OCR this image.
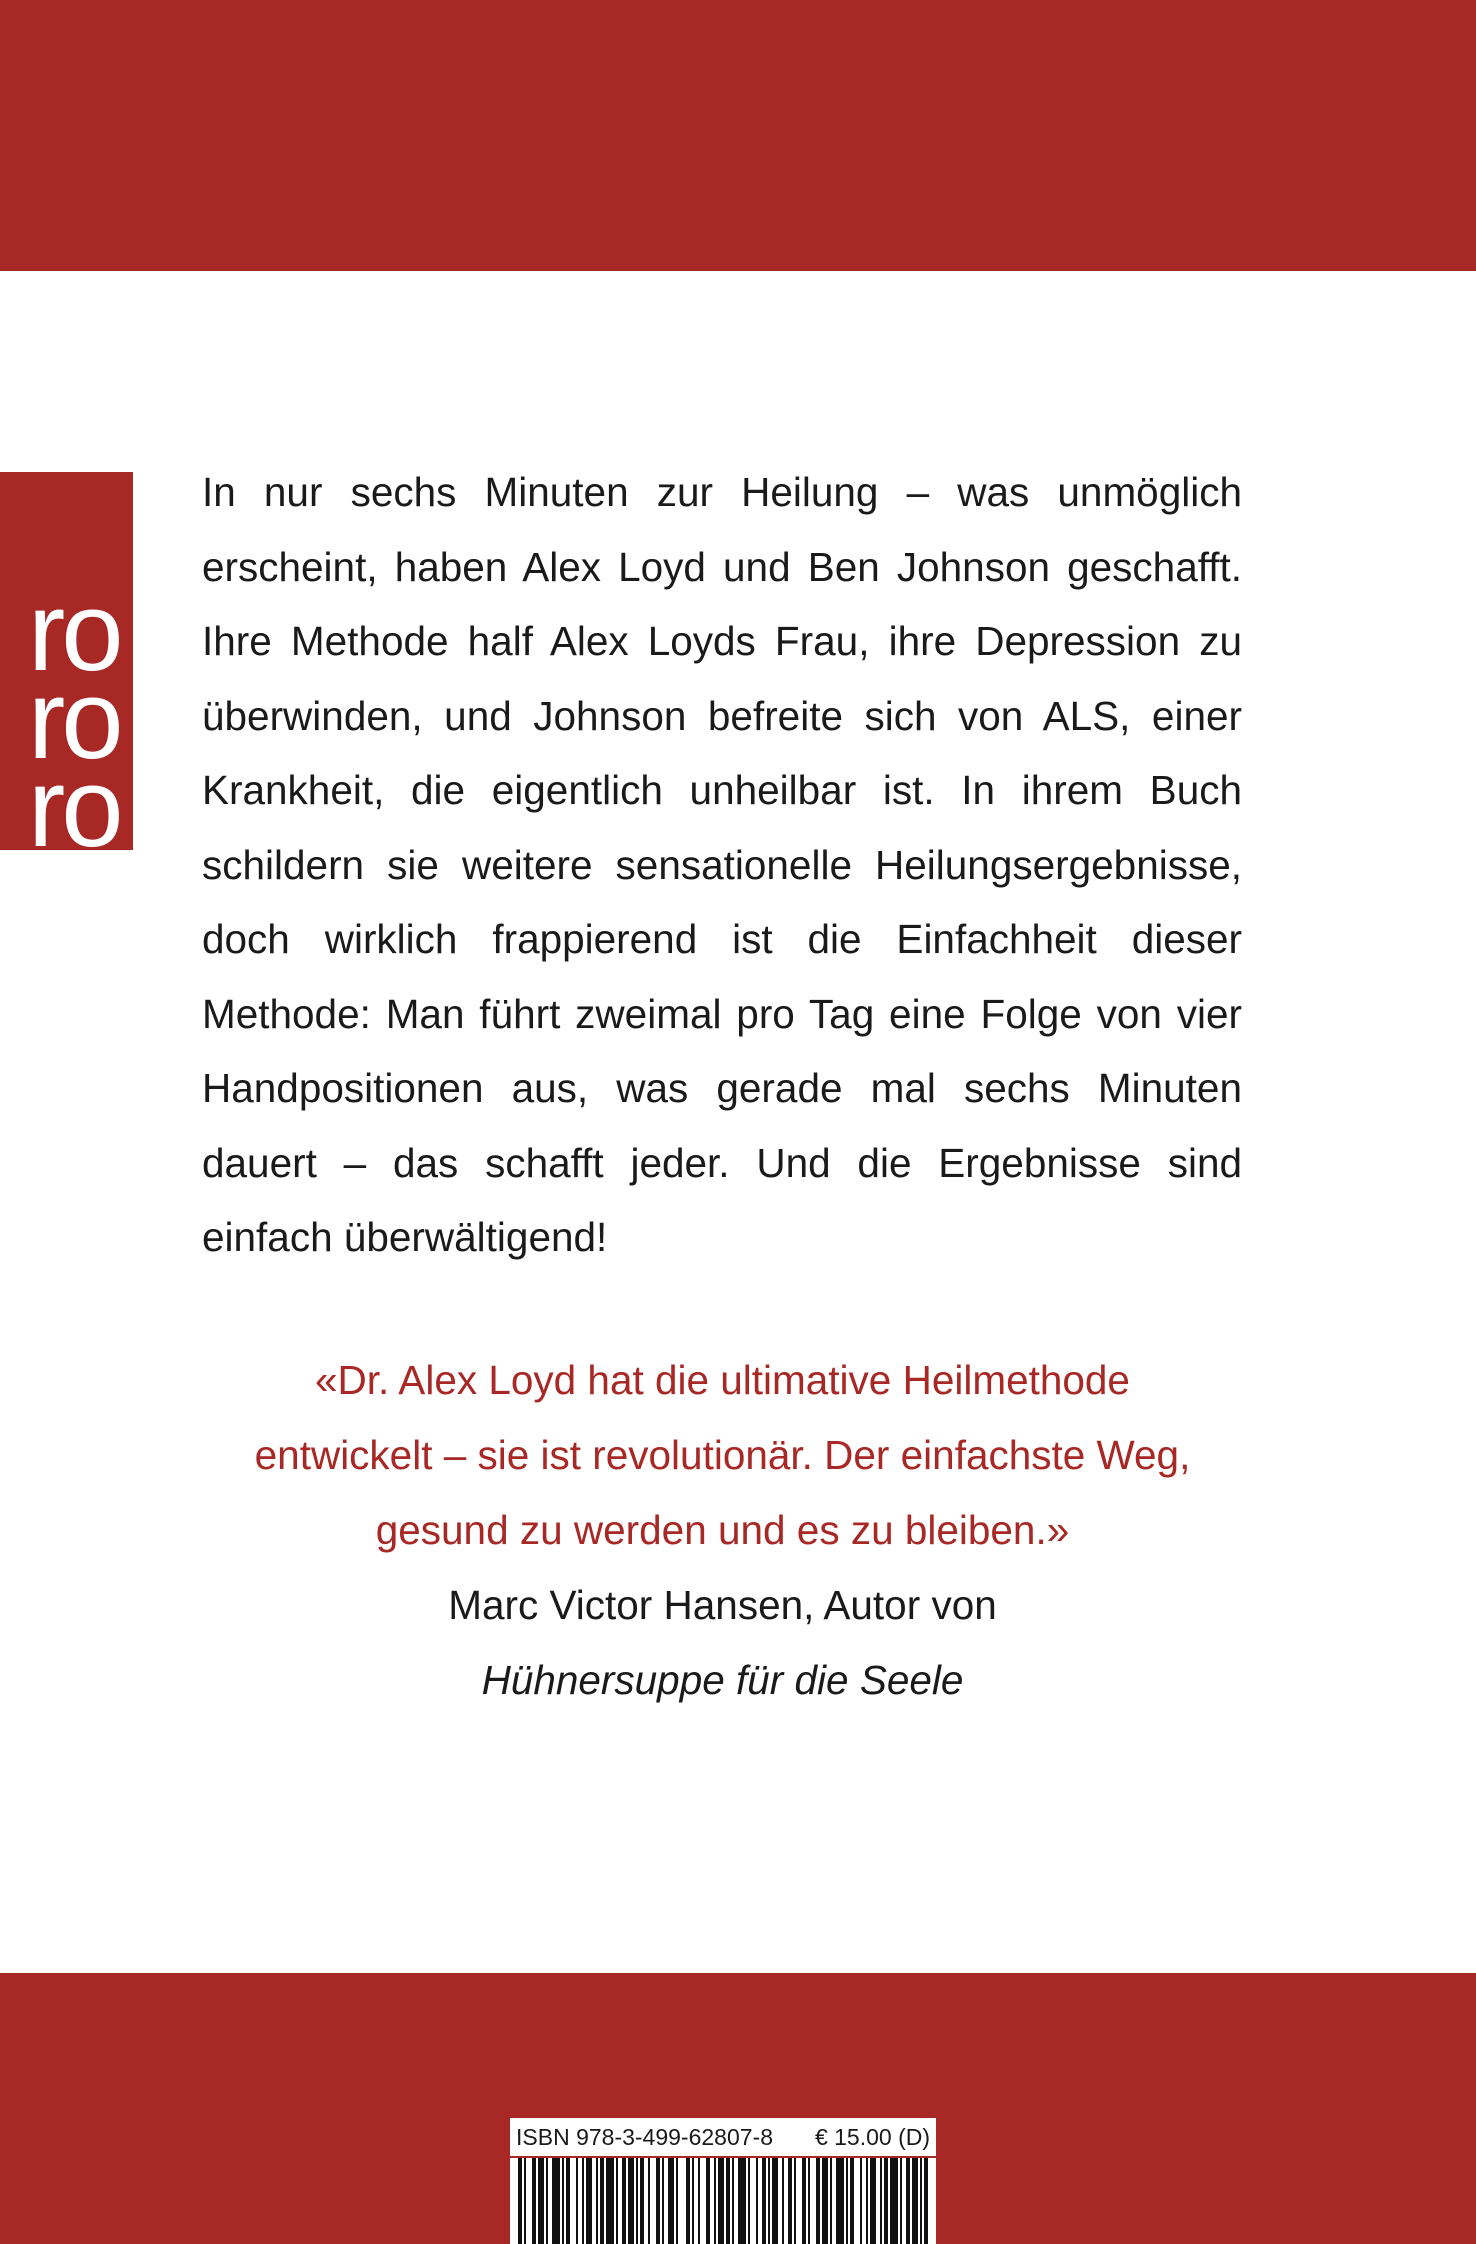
ro
ro
ro

In nur sechs Minuten zur Heilung – was unmöglich erscheint, haben Alex Loyd und Ben Johnson geschafft. Ihre Methode half Alex Loyds Frau, ihre Depression zu überwinden, und Johnson befreite sich von ALS, einer Krankheit, die eigentlich unheilbar ist. In ihrem Buch schildern sie weitere sensationelle Heilungsergebnisse, doch wirklich frappierend ist die Einfachheit dieser Methode: Man führt zweimal pro Tag eine Folge von vier Handpositionen aus, was gerade mal sechs Minuten dauert – das schafft jeder. Und die Ergebnisse sind einfach überwältigend!

«Dr. Alex Loyd hat die ultimative Heilmethode

entwickelt – sie ist revolutionär. Der einfachste Weg,

gesund zu werden und es zu bleiben.»

Marc Victor Hansen, Autor von

Hühnersuppe für die Seele

ISBN 978-3-499-62807-8 € 15.00 (D)
